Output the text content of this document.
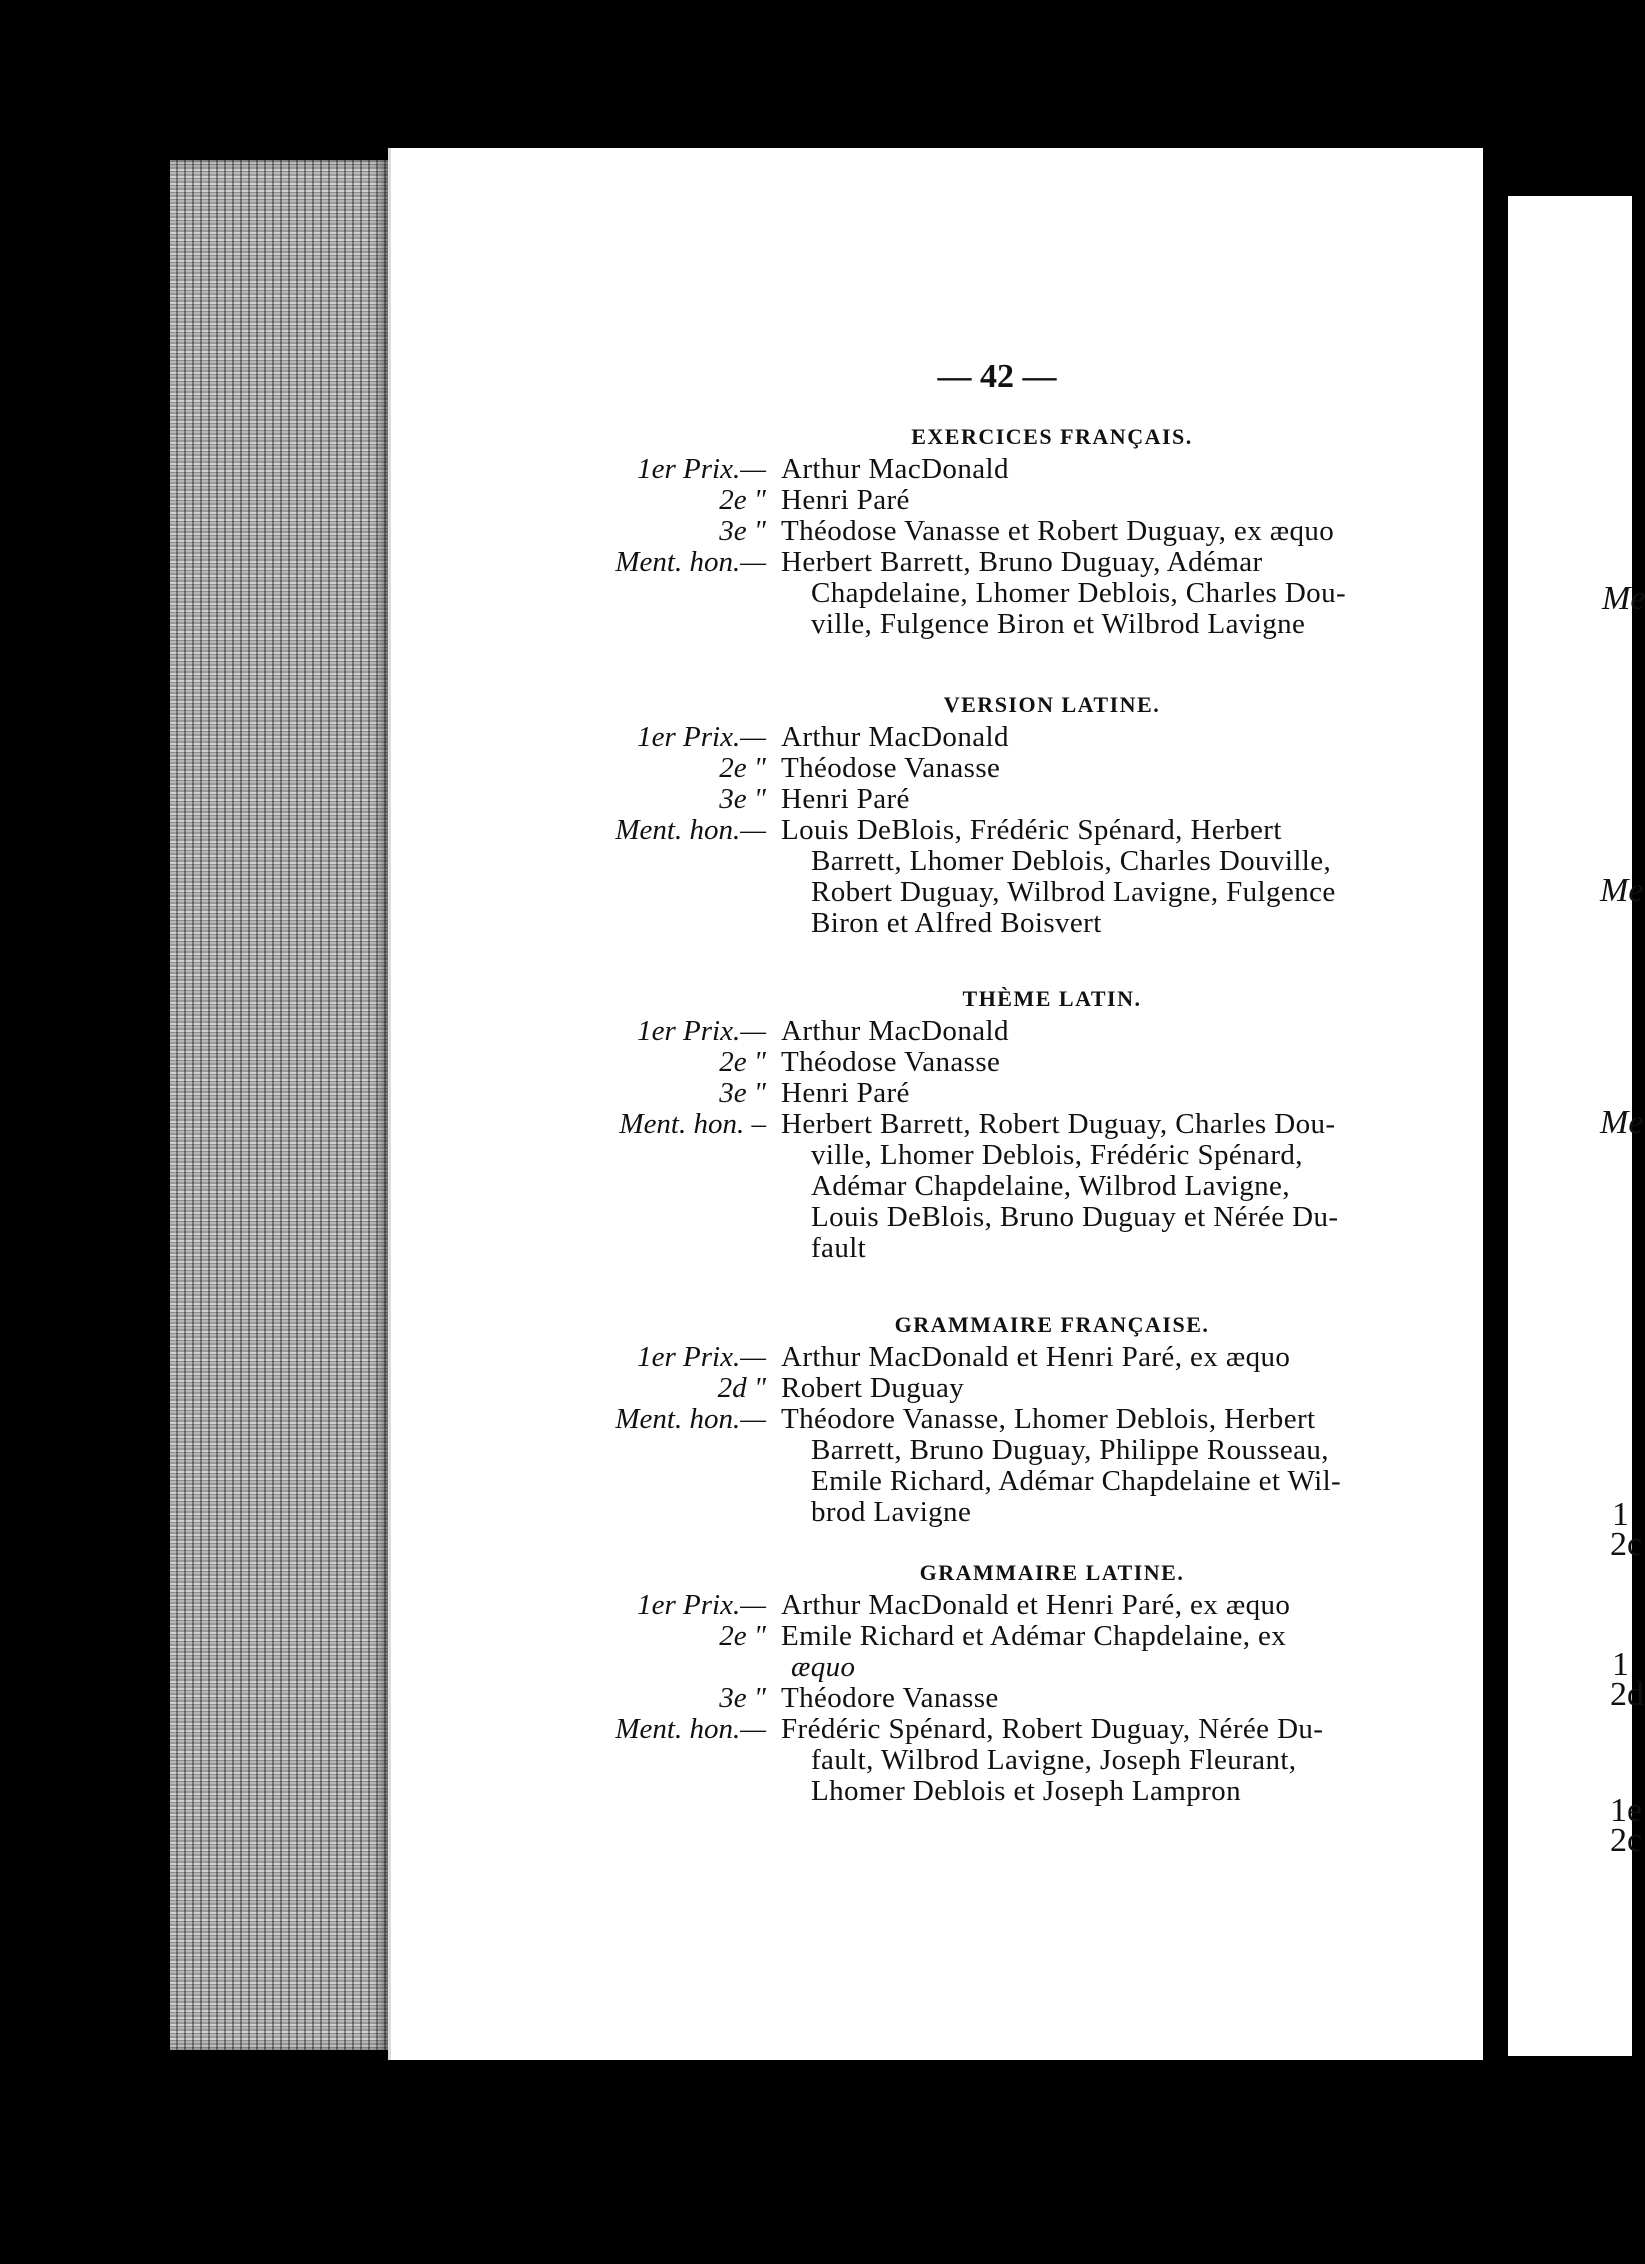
— 42 —
EXERCICES FRANÇAIS.
1er Prix.— Arthur MacDonald
2e " Henri Paré
3e " Théodose Vanasse et Robert Duguay, ex æquo
Ment. hon.— Herbert Barrett, Bruno Duguay, Adémar
Chapdelaine, Lhomer Deblois, Charles Dou-
ville, Fulgence Biron et Wilbrod Lavigne
VERSION LATINE.
1er Prix.— Arthur MacDonald
2e " Théodose Vanasse
3e " Henri Paré
Ment. hon.— Louis DeBlois, Frédéric Spénard, Herbert
Barrett, Lhomer Deblois, Charles Douville,
Robert Duguay, Wilbrod Lavigne, Fulgence
Biron et Alfred Boisvert
THÈME LATIN.
1er Prix.— Arthur MacDonald
2e " Théodose Vanasse
3e " Henri Paré
Ment. hon. – Herbert Barrett, Robert Duguay, Charles Dou-
ville, Lhomer Deblois, Frédéric Spénard,
Adémar Chapdelaine, Wilbrod Lavigne,
Louis DeBlois, Bruno Duguay et Nérée Du-
fault
GRAMMAIRE FRANÇAISE.
1er Prix.— Arthur MacDonald et Henri Paré, ex æquo
2d " Robert Duguay
Ment. hon.— Théodore Vanasse, Lhomer Deblois, Herbert
Barrett, Bruno Duguay, Philippe Rousseau,
Emile Richard, Adémar Chapdelaine et Wil-
brod Lavigne
GRAMMAIRE LATINE.
1er Prix.— Arthur MacDonald et Henri Paré, ex æquo
2e " Emile Richard et Adémar Chapdelaine, ex
æquo
3e " Théodore Vanasse
Ment. hon.— Frédéric Spénard, Robert Duguay, Nérée Du-
fault, Wilbrod Lavigne, Joseph Fleurant,
Lhomer Deblois et Joseph Lampron
Me
Me
Me
1
2c
1
2d
1e
2c
